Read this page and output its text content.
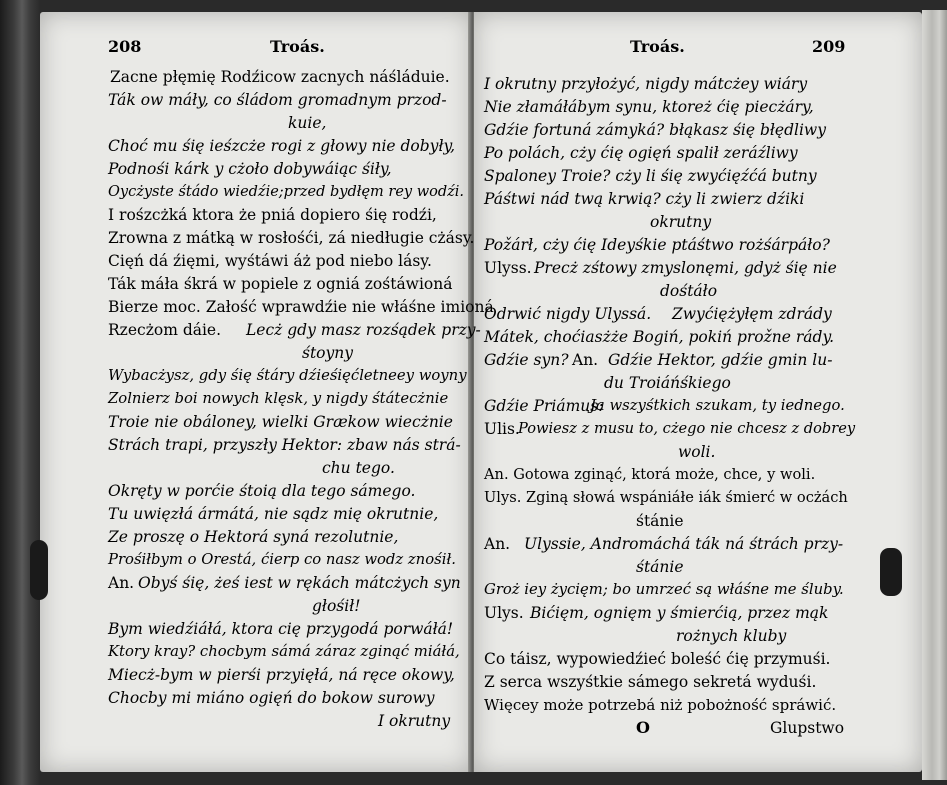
208	Troás.
Zacne płęmię Rodźicow zacnych náśláduie.
Ták ow máły, co śládom gromadnym przod-
kuie,
Choć mu śię ieśzcże rogi z głowy nie dobyły,
Podnośi kárk y cżoło dobywáiąc śiły,
Oycżyste śtádo wiedźie;przed bydłęm rey wodźi.
I rośzcżká ktora że pniá dopiero śię rodźi,
Zrowna z mátką w rosłośći, zá niedługie cżásy.
Cięń dá źięmi, wyśtáwi áż pod niebo lásy.
Ták máła śkrá w popiele z ogniá zośtáwioná
Bierze moc. Załość wprawdźie nie włáśne imioná
Rzecżom dáie. Lecż gdy masz rozśądek przy-
śtoyny
Wybacżysz, gdy śię śtáry dźieśięćletneey woyny
Zolnierz boi nowych klęsk, y nigdy śtátecżnie
Troie nie obáloney, wielki Grækow wiecżnie
Strách trapi, przyszły Hektor: zbaw nás strá-
chu tego.
Okręty w porćie śtoią dla tego sámego.
Tu uwięzłá ármátá, nie sądz mię okrutnie,
Ze proszę o Hektorá syná rezolutnie,
Prośiłbym o Orestá, ćierp co nasz wodz znośił.
An. Obyś śię, żeś iest w rękách mátcżych syn
głośił!
Bym wiedźiáłá, ktora cię przygodá porwáłá!
Ktory kray? chocbym sámá záraz zginąć miáłá,
Miecż-bym w pierśi przyięłá, ná ręce okowy,
Chocby mi miáno ogięń do bokow surowy
I okrutny
Troás.	209
I okrutny przyłożyć, nigdy mátcżey wiáry
Nie złamáłábym synu, ktoreż ćię piecżáry,
Gdźie fortuná zámyká? błąkasz śię błędliwy
Po polách, cży ćię ogięń spalił zeráźliwy
Spaloney Troie? cży li śię zwyćięźćá butny
Páśtwi nád twą krwią? cży li zwierz dźiki
okrutny
Požárł, cży ćię Ideyśkie ptáśtwo rożśárpáło?
Ulyss. Precż zśtowy zmyslonęmi, gdyż śię nie
dośtáło
Odrwić nigdy Ulyssá. Zwyćiężyłęm zdrády
Mátek, choćiasżże Bogiń, pokiń prožne rády.
Gdźie syn? An. Gdźie Hektor, gdźie gmin lu-
du Troiáńśkiego
Gdźie Priámus:
Ja wszyśtkich szukam, ty iednego.
Ulis.
Powiesz z musu to, cżego nie chcesz z dobrey
woli.
An. Gotowa zginąć, ktorá może, chce, y woli.
Ulys. Zginą słowá wspániáłe iák śmierć w ocżách
śtánie
An. Ulyssie, Andromáchá ták ná śtrách przy-
śtánie
Groż iey życięm; bo umrzeć są włáśne me śluby.
Ulys. Bićięm, ognięm y śmierćią, przez mąk
rożnych kluby
Co táisz, wypowiedźieć boleść ćię przymuśi.
Z serca wszyśtkie sámego sekretá wyduśi.
Więcey może potrzebá niż pobożność spráwić.
O	Glupstwo
